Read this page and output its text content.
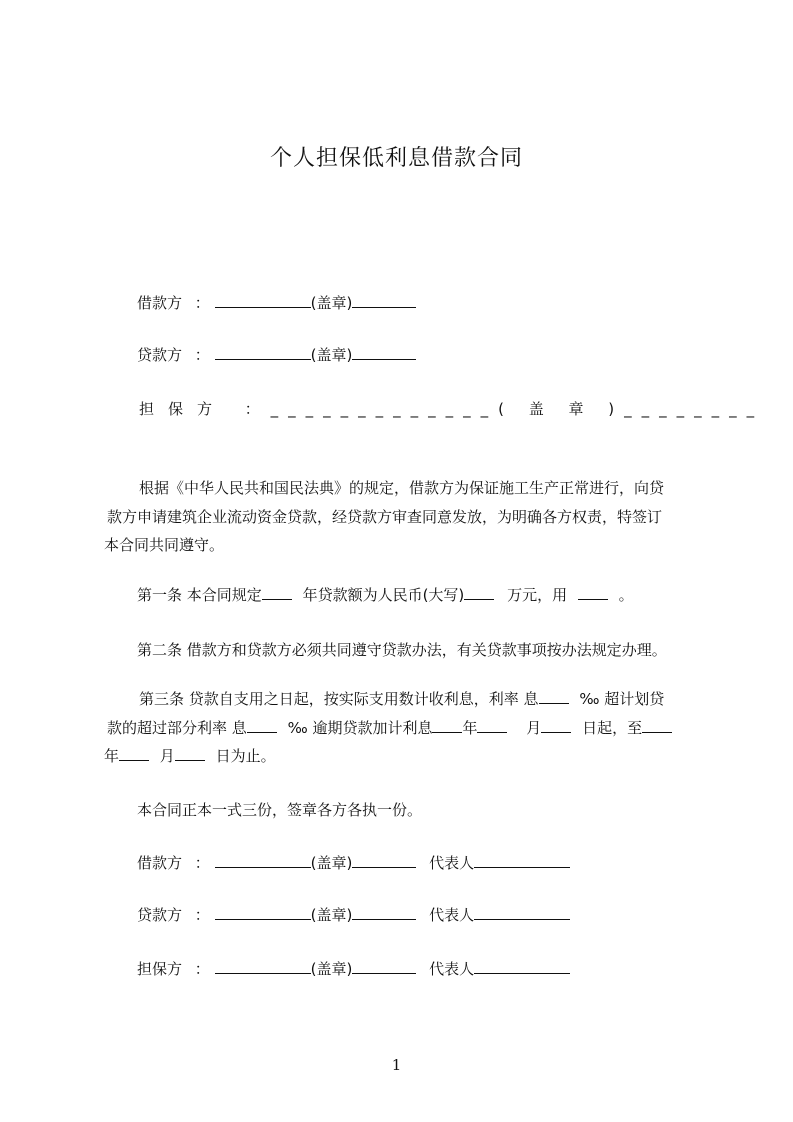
个人担保低利息借款合同
借款方 ：	(盖章)
贷款方 ：	(盖章)
担保方 ： _____________( 盖 章 )________
根据《中华人民共和国民法典》的规定，借款方为保证施工生产正常进行，向贷
款方申请建筑企业流动资金贷款，经贷款方审查同意发放，为明确各方权责，特签订
本合同共同遵守。
第一条 本合同规定	年贷款额为人民币(大写)	万元，用	。
第二条 借款方和贷款方必须共同遵守贷款办法，有关贷款事项按办法规定办理。
第三条 贷款自支用之日起，按实际支用数计收利息，利率 息	‰ 超计划贷
款的超过部分利率 息	‰ 逾期贷款加计利息 年	月	日起，至
年	月	日为止。
本合同正本一式三份，签章各方各执一份。
借款方 ：	(盖章)	代表人
贷款方 ：	(盖章)	代表人
担保方 ：	(盖章)	代表人
1
